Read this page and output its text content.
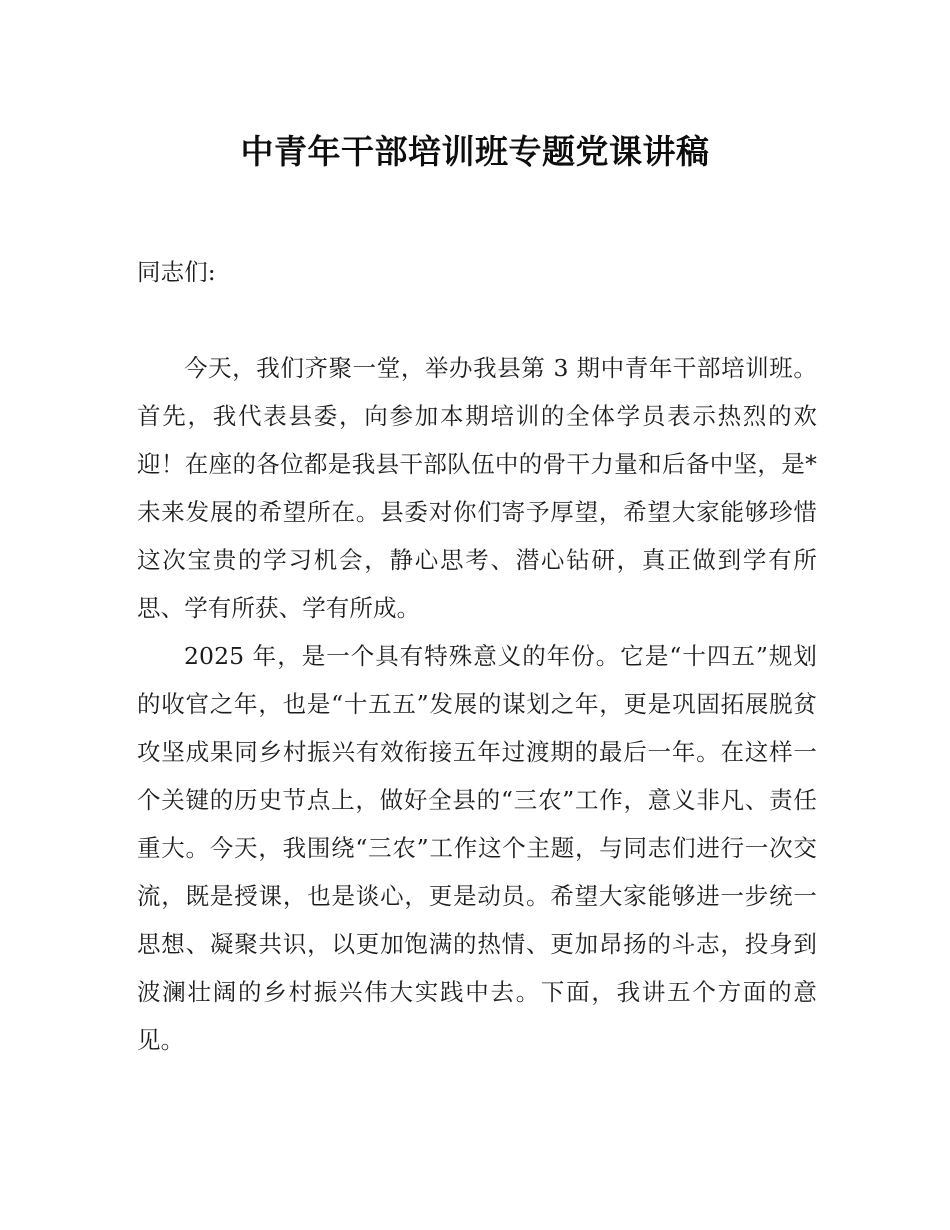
中青年干部培训班专题党课讲稿

同志们:

今天，我们齐聚一堂，举办我县第 3 期中青年干部培训班。首先，我代表县委，向参加本期培训的全体学员表示热烈的欢迎！在座的各位都是我县干部队伍中的骨干力量和后备中坚，是*未来发展的希望所在。县委对你们寄予厚望，希望大家能够珍惜这次宝贵的学习机会，静心思考、潜心钻研，真正做到学有所思、学有所获、学有所成。

2025 年，是一个具有特殊意义的年份。它是“十四五”规划的收官之年，也是“十五五”发展的谋划之年，更是巩固拓展脱贫攻坚成果同乡村振兴有效衔接五年过渡期的最后一年。在这样一个关键的历史节点上，做好全县的“三农”工作，意义非凡、责任重大。今天，我围绕“三农”工作这个主题，与同志们进行一次交流，既是授课，也是谈心，更是动员。希望大家能够进一步统一思想、凝聚共识，以更加饱满的热情、更加昂扬的斗志，投身到波澜壮阔的乡村振兴伟大实践中去。下面，我讲五个方面的意见。
